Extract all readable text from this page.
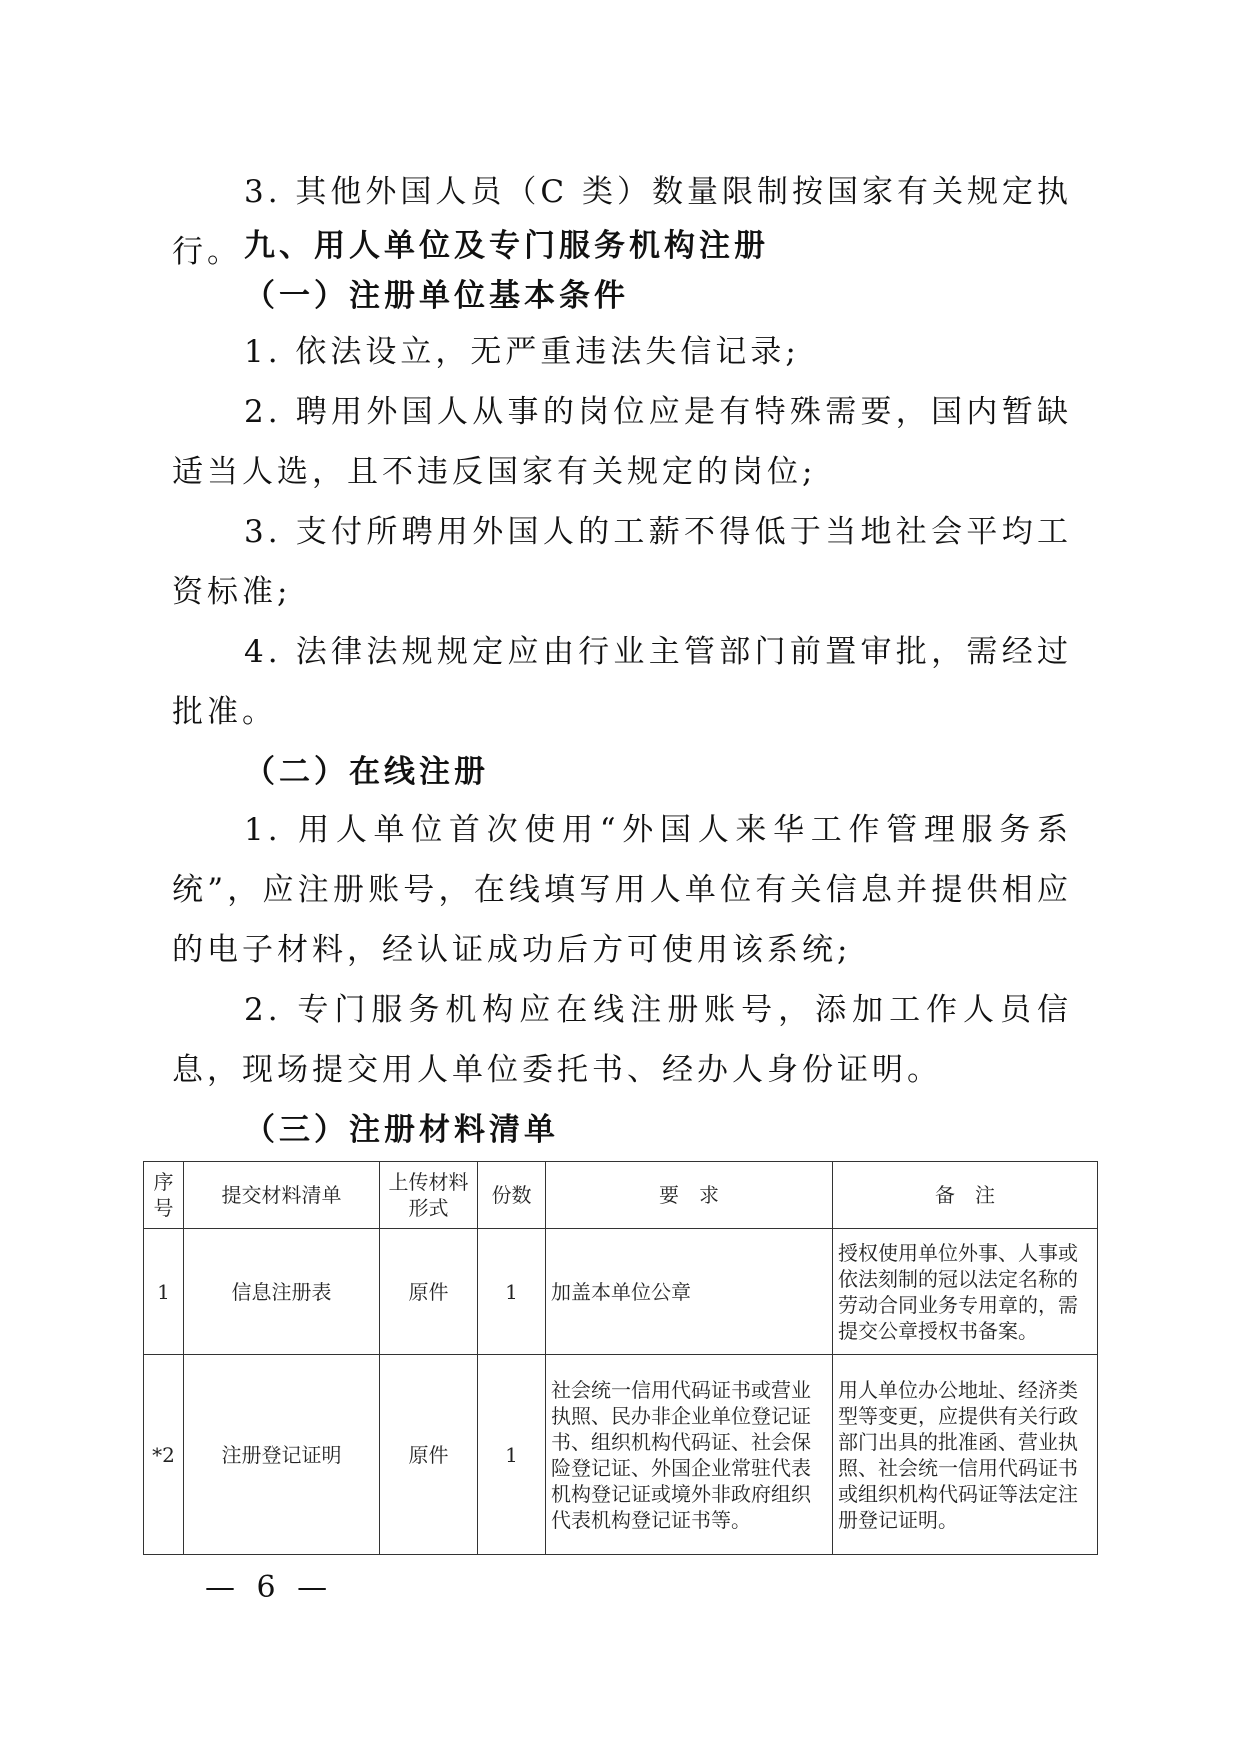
3. 其他外国人员（C 类）数量限制按国家有关规定执行。 九、用人单位及专门服务机构注册

（一）注册单位基本条件

1. 依法设立，无严重违法失信记录;

2. 聘用外国人从事的岗位应是有特殊需要，国内暂缺适当人选，且不违反国家有关规定的岗位;

3. 支付所聘用外国人的工薪不得低于当地社会平均工资标准;

4. 法律法规规定应由行业主管部门前置审批，需经过批准。

（二）在线注册

1. 用人单位首次使用“外国人来华工作管理服务系统”，应注册账号，在线填写用人单位有关信息并提供相应的电子材料，经认证成功后方可使用该系统;

2. 专门服务机构应在线注册账号，添加工作人员信息，现场提交用人单位委托书、经办人身份证明。

（三）注册材料清单

序号	提交材料清单	上传材料形式	份数	要　求	备　注
1	信息注册表	原件	1	加盖本单位公章	授权使用单位外事、人事或依法刻制的冠以法定名称的劳动合同业务专用章的，需提交公章授权书备案。
*2	注册登记证明	原件	1	社会统一信用代码证书或营业执照、民办非企业单位登记证书、组织机构代码证、社会保险登记证、外国企业常驻代表机构登记证或境外非政府组织代表机构登记证书等。	用人单位办公地址、经济类型等变更，应提供有关行政部门出具的批准函、营业执照、社会统一信用代码证书或组织机构代码证等法定注册登记证明。
— 6 —
